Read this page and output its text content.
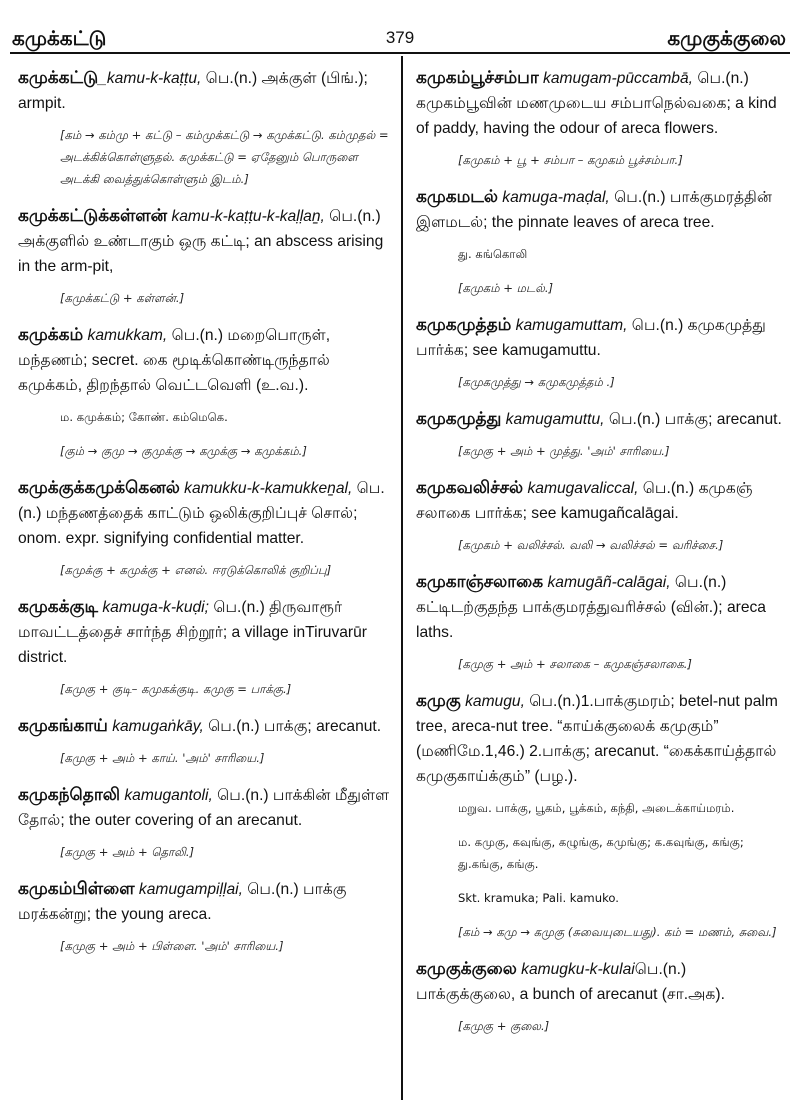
கமுக்கட்டு	379	கமுகுக்குலை
கமுக்கட்டு_kamu-k-kaṭṭu, பெ.(n.) அக்குள் (பிங்.); armpit.
[கம் → கம்மு + கட்டு – கம்முக்கட்டு → கமுக்கட்டு. கம்முதல் = அடக்கிக்கொள்ளுதல். கமுக்கட்டு = ஏதேனும் பொருளை அடக்கி வைத்துக்கொள்ளும் இடம்.]
கமுக்கட்டுக்கள்ளன் kamu-k-kaṭṭu-k-kaḷḷaṉ, பெ.(n.) அக்குளில் உண்டாகும் ஒரு கட்டி; an abscess arising in the arm-pit,
[கமுக்கட்டு + கள்ளன்.]
கமுக்கம் kamukkam, பெ.(n.) மறைபொருள், மந்தணம்; secret. கை மூடிக்கொண்டிருந்தால் கமுக்கம், திறந்தால் வெட்டவெளி (உ.வ.).
ம. கமுக்கம்; கோண். கம்மெகெ.
[கும் → குமு → குமுக்கு → கமுக்கு → கமுக்கம்.]
கமுக்குக்கமுக்கெனல் kamukku-k-kamukkeṉal, பெ.(n.) மந்தணத்தைக் காட்டும் ஒலிக்குறிப்புச் சொல்; onom. expr. signifying confidential matter.
[கமுக்கு + கமுக்கு + எனல். ஈரடுக்கொலிக் குறிப்பு]
கமுகக்குடி kamuga-k-kuḍi; பெ.(n.) திருவாரூர் மாவட்டத்தைச் சார்ந்த சிற்றூர்; a village inTiruvarūr district.
[கமுகு + குடி– கமுகக்குடி. கமுகு = பாக்கு.]
கமுகங்காய் kamugaṅkāy, பெ.(n.) பாக்கு; arecanut.
[கமுகு + அம் + காய். 'அம்' சாரியை.]
கமுகந்தொலி kamugantoli, பெ.(n.) பாக்கின் மீதுள்ள தோல்; the outer covering of an arecanut.
[கமுகு + அம் + தொலி.]
கமுகம்பிள்ளை kamugampiḷḷai, பெ.(n.) பாக்கு மரக்கன்று; the young areca.
[கமுகு + அம் + பிள்ளை. 'அம்' சாரியை.]
கமுகம்பூச்சம்பா kamugam-pūccambā, பெ.(n.) கமுகம்பூவின் மணமுடைய சம்பாநெல்வகை; a kind of paddy, having the odour of areca flowers.
[கமுகம் + பூ + சம்பா – கமுகம் பூச்சம்பா.]
கமுகமடல் kamuga-maḍal, பெ.(n.) பாக்குமரத்தின் இளமடல்; the pinnate leaves of areca tree.
து. கங்கொலி
[கமுகம் + மடல்.]
கமுகமுத்தம் kamugamuttam, பெ.(n.) கமுகமுத்து பார்க்க; see kamugamuttu.
[கமுகமுத்து → கமுகமுத்தம் .]
கமுகமுத்து kamugamuttu, பெ.(n.) பாக்கு; arecanut.
[கமுகு + அம் + முத்து. 'அம்' சாரியை.]
கமுகவலிச்சல் kamugavaliccal, பெ.(n.) கமுகஞ் சலாகை பார்க்க; see kamugañcalāgai.
[கமுகம் + வலிச்சல். வலி → வலிச்சல் = வரிச்சை.]
கமுகாஞ்சலாகை kamugāñ-calāgai, பெ.(n.) கட்டிடற்குதந்த பாக்குமரத்துவரிச்சல் (வின்.); areca laths.
[கமுகு + அம் + சலாகை – கமுகஞ்சலாகை.]
கமுகு kamugu, பெ.(n.)1.பாக்குமரம்; betel-nut palm tree, areca-nut tree. “காய்க்குலைக் கமுகும்” (மணிமே.1,46.) 2.பாக்கு; arecanut. “கைக்காய்த்தால் கமுகுகாய்க்கும்” (பழ.).
மறுவ. பாக்கு, பூகம், பூக்கம், கந்தி, அடைக்காய்மரம்.
ம. கமுகு, கவுங்கு, கழுங்கு, கமுங்கு; க.கவுங்கு, கங்கு; து.கங்கு, கங்கு.
Skt. kramuka; Pali. kamuko.
[கம் → கமு → கமுகு (சுவையுடையது). கம் = மணம், சுவை.]
கமுகுக்குலை kamugku-k-kulaiபெ.(n.) பாக்குக்குலை, a bunch of arecanut (சா.அக).
[கமுகு + குலை.]
